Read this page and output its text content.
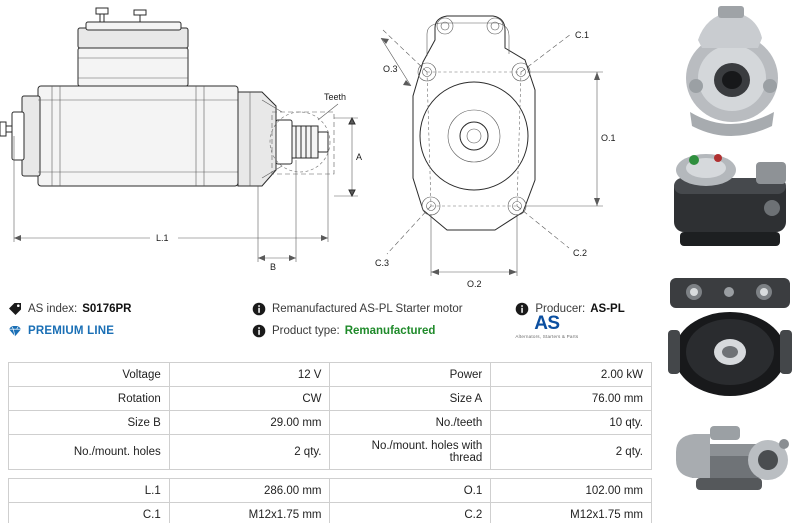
Teeth
A
L.1
B
O.3
C.1
C.2
C.3
O.1
O.2
AS index: S0176PR	Remanufactured AS-PL Starter motor	Producer: AS-PL
PREMIUM LINE	Product type: Remanufactured	AS
Alternators, Starters & Parts
Voltage	12 V	Power	2.00 kW
Rotation	CW	Size A	76.00 mm
Size B	29.00 mm	No./teeth	10 qty.
No./mount. holes	2 qty.	No./mount. holes with thread	2 qty.

L.1	286.00 mm	O.1	102.00 mm
C.1	M12x1.75 mm	C.2	M12x1.75 mm
